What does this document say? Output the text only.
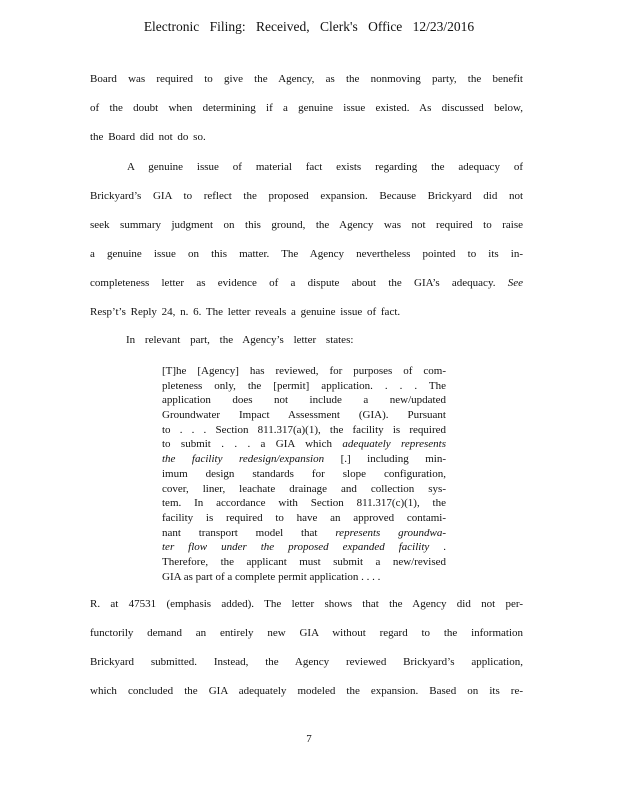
Electronic Filing: Received, Clerk's Office 12/23/2016
Board was required to give the Agency, as the nonmoving party, the benefit
of the doubt when determining if a genuine issue existed. As discussed below,
the Board did not do so.
A genuine issue of material fact exists regarding the adequacy of
Brickyard’s GIA to reflect the proposed expansion. Because Brickyard did not
seek summary judgment on this ground, the Agency was not required to raise
a genuine issue on this matter. The Agency nevertheless pointed to its in-
completeness letter as evidence of a dispute about the GIA’s adequacy. See
Resp’t’s Reply 24, n. 6. The letter reveals a genuine issue of fact.
In relevant part, the Agency’s letter states:
[T]he [Agency] has reviewed, for purposes of com-
pleteness only, the [permit] application. . . . The
application does not include a new/updated
Groundwater Impact Assessment (GIA). Pursuant
to . . . Section 811.317(a)(1), the facility is required
to submit . . . a GIA which adequately represents
the facility redesign/expansion [.] including min-
imum design standards for slope configuration,
cover, liner, leachate drainage and collection sys-
tem. In accordance with Section 811.317(c)(1), the
facility is required to have an approved contami-
nant transport model that represents groundwa-
ter flow under the proposed expanded facility .
Therefore, the applicant must submit a new/revised
GIA as part of a complete permit application . . . .
R. at 47531 (emphasis added). The letter shows that the Agency did not per-
functorily demand an entirely new GIA without regard to the information
Brickyard submitted. Instead, the Agency reviewed Brickyard’s application,
which concluded the GIA adequately modeled the expansion. Based on its re-
7
